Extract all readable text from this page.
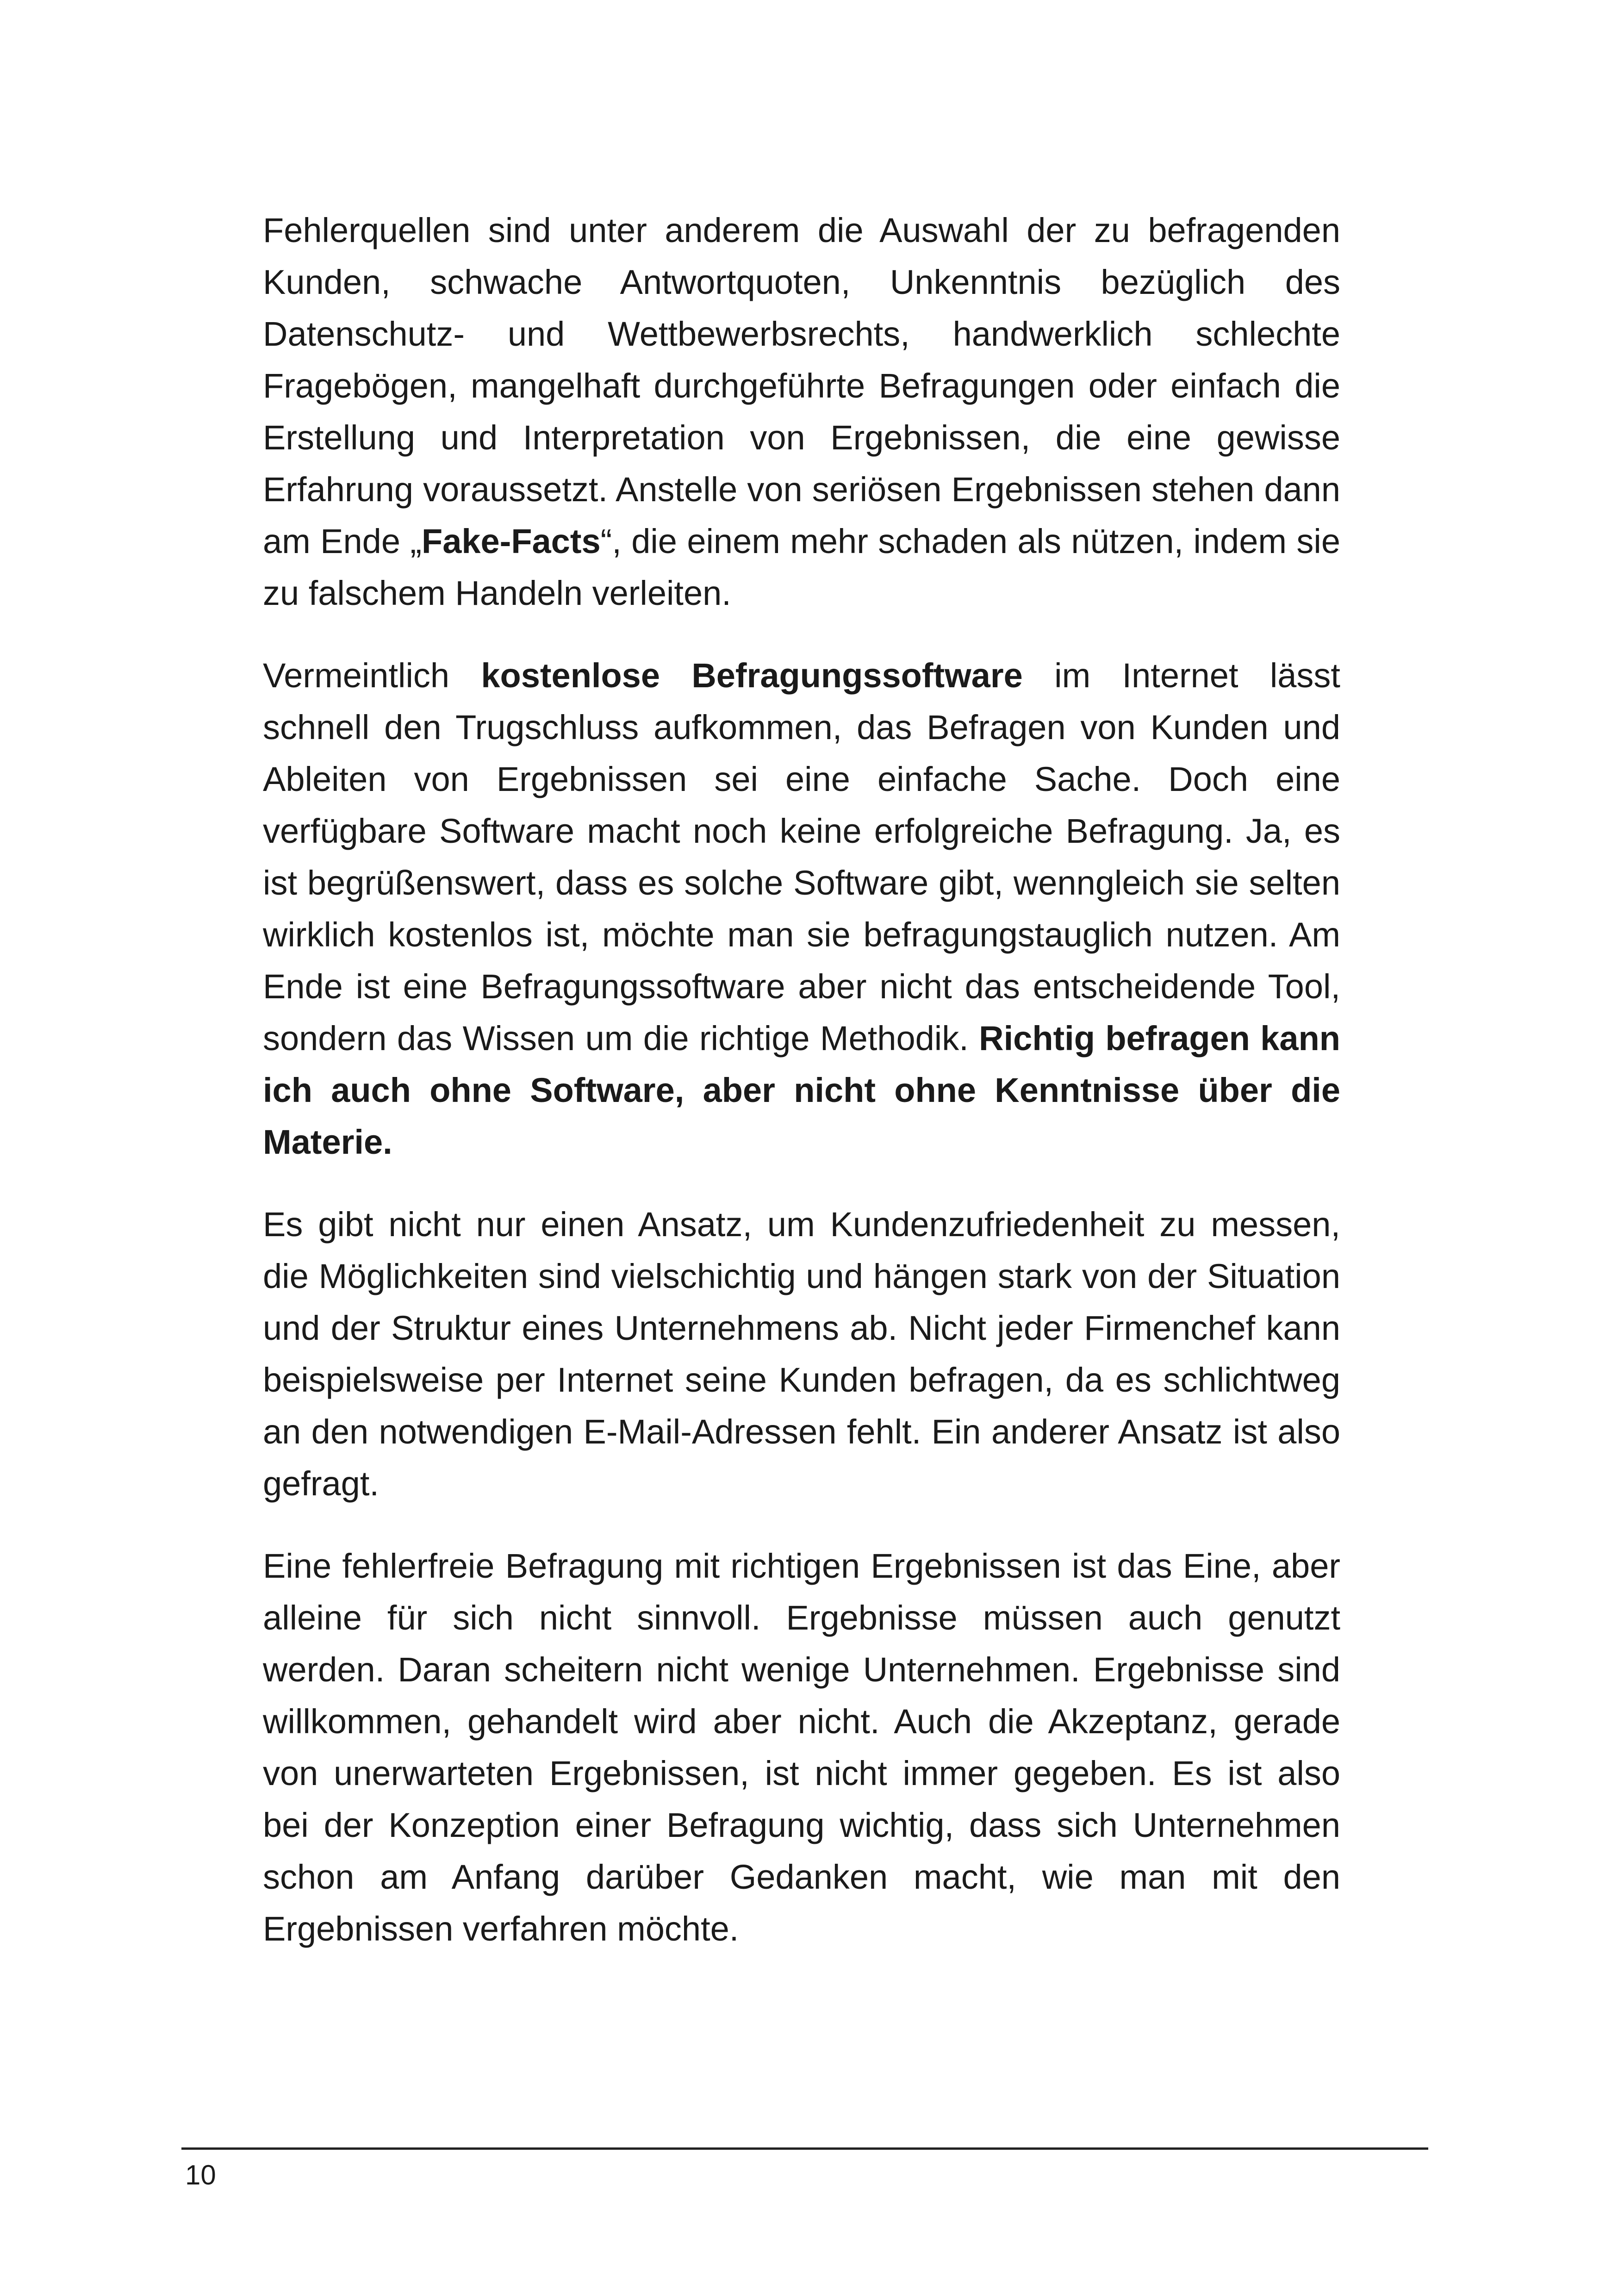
Fehlerquellen sind unter anderem die Auswahl der zu befragenden Kunden, schwache Antwortquoten, Unkenntnis bezüglich des Datenschutz- und Wettbewerbsrechts, handwerklich schlechte Fragebögen, mangelhaft durchgeführte Befragungen oder einfach die Erstellung und Interpretation von Ergebnissen, die eine gewisse Erfahrung voraussetzt. Anstelle von seriösen Ergebnissen stehen dann am Ende „Fake-Facts“, die einem mehr schaden als nützen, indem sie zu falschem Handeln verleiten.

Vermeintlich kostenlose Befragungssoftware im Internet lässt schnell den Trugschluss aufkommen, das Befragen von Kunden und Ableiten von Ergebnissen sei eine einfache Sache. Doch eine verfügbare Software macht noch keine erfolgreiche Befragung. Ja, es ist begrüßenswert, dass es solche Software gibt, wenngleich sie selten wirklich kostenlos ist, möchte man sie befragungstauglich nutzen. Am Ende ist eine Befragungssoftware aber nicht das entscheidende Tool, sondern das Wissen um die richtige Methodik. Richtig befragen kann ich auch ohne Software, aber nicht ohne Kenntnisse über die Materie.

Es gibt nicht nur einen Ansatz, um Kundenzufriedenheit zu messen, die Möglichkeiten sind vielschichtig und hängen stark von der Situation und der Struktur eines Unternehmens ab. Nicht jeder Firmenchef kann beispielsweise per Internet seine Kunden befragen, da es schlichtweg an den notwendigen E-Mail-Adressen fehlt. Ein anderer Ansatz ist also gefragt.

Eine fehlerfreie Befragung mit richtigen Ergebnissen ist das Eine, aber alleine für sich nicht sinnvoll. Ergebnisse müssen auch genutzt werden. Daran scheitern nicht wenige Unternehmen. Ergebnisse sind willkommen, gehandelt wird aber nicht. Auch die Akzeptanz, gerade von unerwarteten Ergebnissen, ist nicht immer gegeben. Es ist also bei der Konzeption einer Befragung wichtig, dass sich Unternehmen schon am Anfang darüber Gedanken macht, wie man mit den Ergebnissen verfahren möchte.

10
